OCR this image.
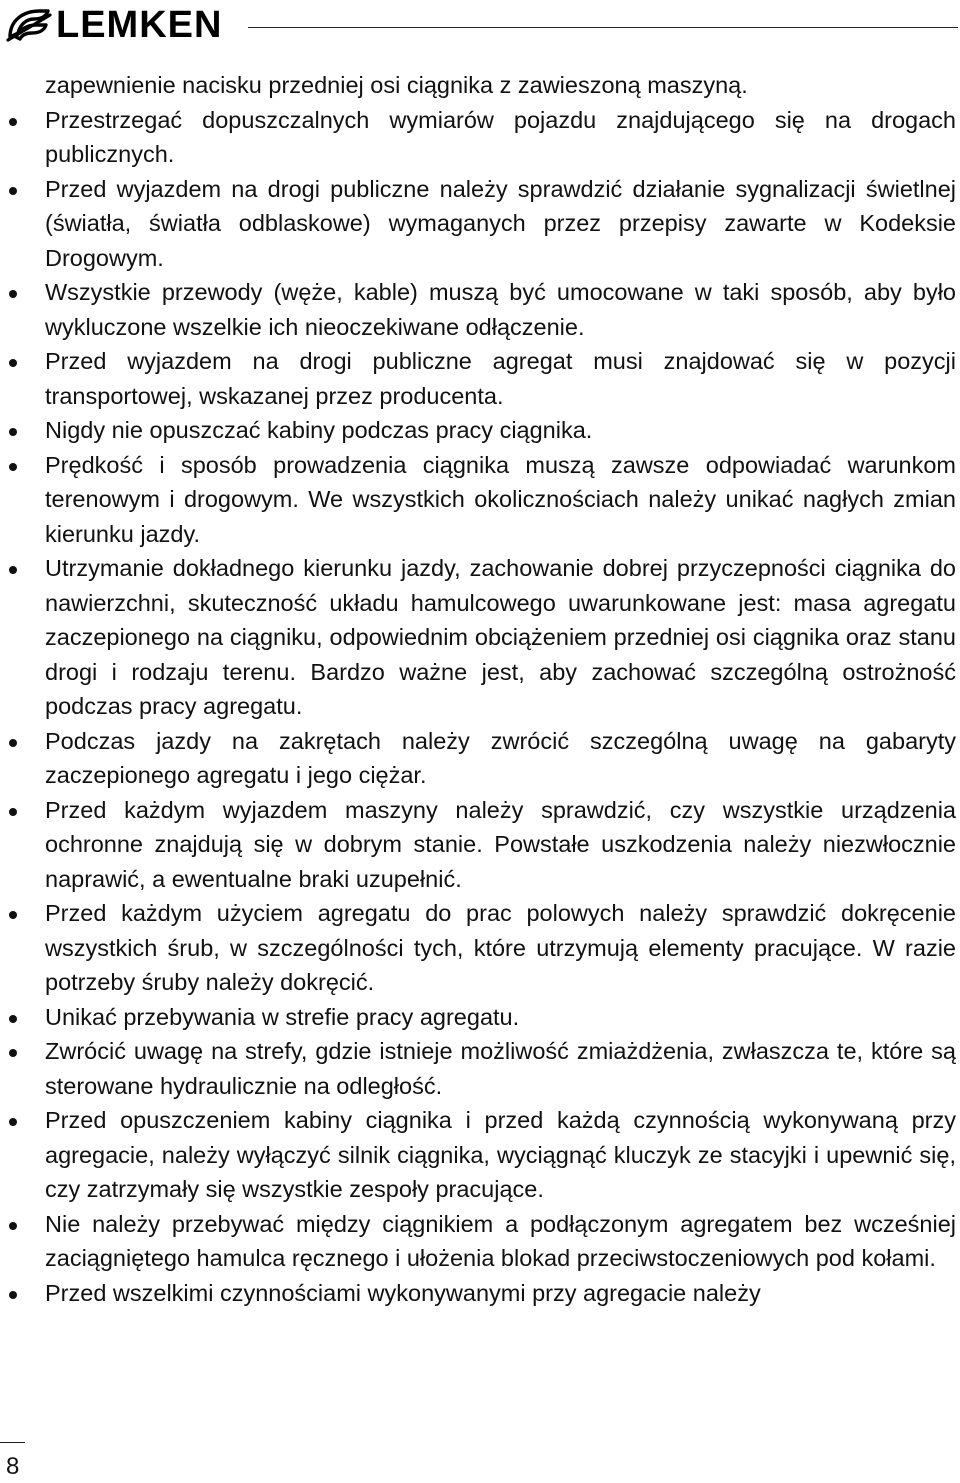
LEMKEN

zapewnienie nacisku przedniej osi ciągnika z zawieszoną maszyną.

Przestrzegać dopuszczalnych wymiarów pojazdu znajdującego się na drogach publicznych.

Przed wyjazdem na drogi publiczne należy sprawdzić działanie sygnalizacji świetlnej (światła, światła odblaskowe) wymaganych przez przepisy zawarte w Kodeksie Drogowym.

Wszystkie przewody (węże, kable) muszą być umocowane w taki sposób, aby było wykluczone wszelkie ich nieoczekiwane odłączenie.

Przed wyjazdem na drogi publiczne agregat musi znajdować się w pozycji transportowej, wskazanej przez producenta.

Nigdy nie opuszczać kabiny podczas pracy ciągnika.

Prędkość i sposób prowadzenia ciągnika muszą zawsze odpowiadać warunkom terenowym i drogowym. We wszystkich okolicznościach należy unikać nagłych zmian kierunku jazdy.

Utrzymanie dokładnego kierunku jazdy, zachowanie dobrej przyczepności ciągnika do nawierzchni, skuteczność układu hamulcowego uwarunkowane jest: masa agregatu zaczepionego na ciągniku, odpowiednim obciążeniem przedniej osi ciągnika oraz stanu drogi i rodzaju terenu. Bardzo ważne jest, aby zachować szczególną ostrożność podczas pracy agregatu.

Podczas jazdy na zakrętach należy zwrócić szczególną uwagę na gabaryty zaczepionego agregatu i jego ciężar.

Przed każdym wyjazdem maszyny należy sprawdzić, czy wszystkie urządzenia ochronne znajdują się w dobrym stanie. Powstałe uszkodzenia należy niezwłocznie naprawić, a ewentualne braki uzupełnić.

Przed każdym użyciem agregatu do prac polowych należy sprawdzić dokręcenie wszystkich śrub, w szczególności tych, które utrzymują elementy pracujące. W razie potrzeby śruby należy dokręcić.

Unikać przebywania w strefie pracy agregatu.

Zwrócić uwagę na strefy, gdzie istnieje możliwość zmiażdżenia, zwłaszcza te, które są sterowane hydraulicznie na odległość.

Przed opuszczeniem kabiny ciągnika i przed każdą czynnością wykonywaną przy agregacie, należy wyłączyć silnik ciągnika, wyciągnąć kluczyk ze stacyjki i upewnić się, czy zatrzymały się wszystkie zespoły pracujące.

Nie należy przebywać między ciągnikiem a podłączonym agregatem bez wcześniej zaciągniętego hamulca ręcznego i ułożenia blokad przeciwstoczeniowych pod kołami.

Przed wszelkimi czynnościami wykonywanymi przy agregacie należy

8
